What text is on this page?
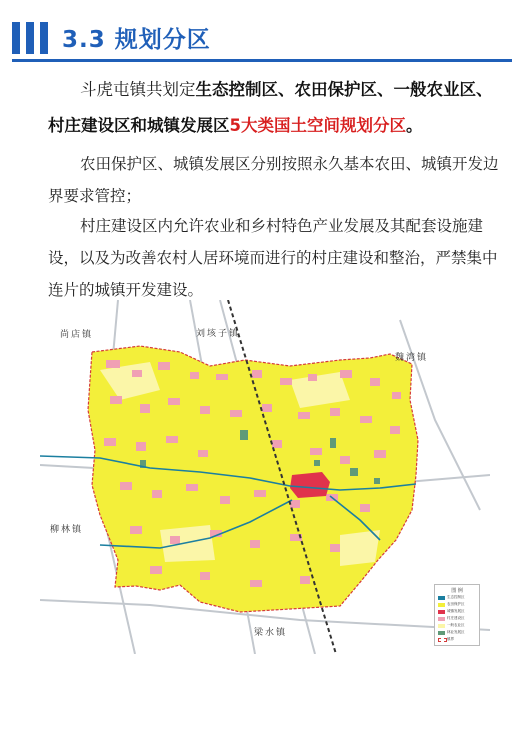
3.3 规划分区
斗虎屯镇共划定生态控制区、农田保护区、一般农业区、村庄建设区和城镇发展区5大类国土空间规划分区。
农田保护区、城镇发展区分别按照永久基本农田、城镇开发边界要求管控；
村庄建设区内允许农业和乡村特色产业发展及其配套设施建设，以及为改善农村人居环境而进行的村庄建设和整治，严禁集中连片的城镇开发建设。
尚店镇	刘垓子镇
魏湾镇
柳林镇
梁水镇
图 例
生态控制区
农田保护区
城镇发展区
村庄建设区
一般农业区
林业发展区
镇界
